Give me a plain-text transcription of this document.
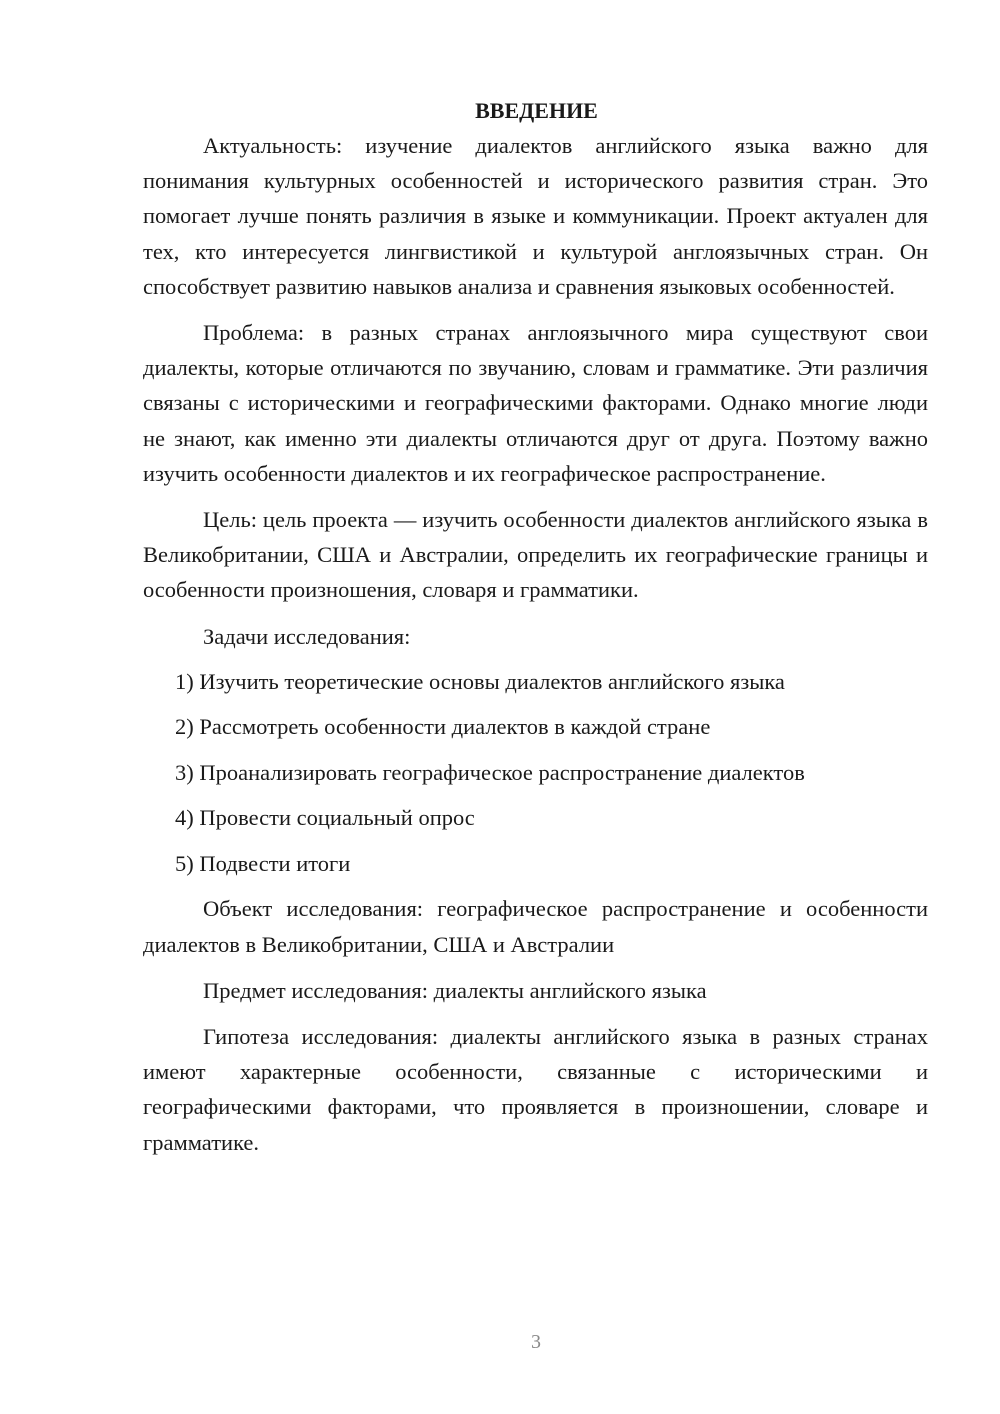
ВВЕДЕНИЕ

Актуальность: изучение диалектов английского языка важно для понимания культурных особенностей и исторического развития стран. Это помогает лучше понять различия в языке и коммуникации. Проект актуален для тех, кто интересуется лингвистикой и культурой англоязычных стран. Он способствует развитию навыков анализа и сравнения языковых особенностей.

Проблема: в разных странах англоязычного мира существуют свои диалекты, которые отличаются по звучанию, словам и грамматике. Эти различия связаны с историческими и географическими факторами. Однако многие люди не знают, как именно эти диалекты отличаются друг от друга. Поэтому важно изучить особенности диалектов и их географическое распространение.

Цель: цель проекта — изучить особенности диалектов английского языка в Великобритании, США и Австралии, определить их географические границы и особенности произношения, словаря и грамматики.

Задачи исследования:

1) Изучить теоретические основы диалектов английского языка
2) Рассмотреть особенности диалектов в каждой стране
3) Проанализировать географическое распространение диалектов
4) Провести социальный опрос
5) Подвести итоги

Объект исследования: географическое распространение и особенности диалектов в Великобритании, США и Австралии

Предмет исследования: диалекты английского языка

Гипотеза исследования: диалекты английского языка в разных странах имеют характерные особенности, связанные с историческими и географическими факторами, что проявляется в произношении, словаре и грамматике.

3
